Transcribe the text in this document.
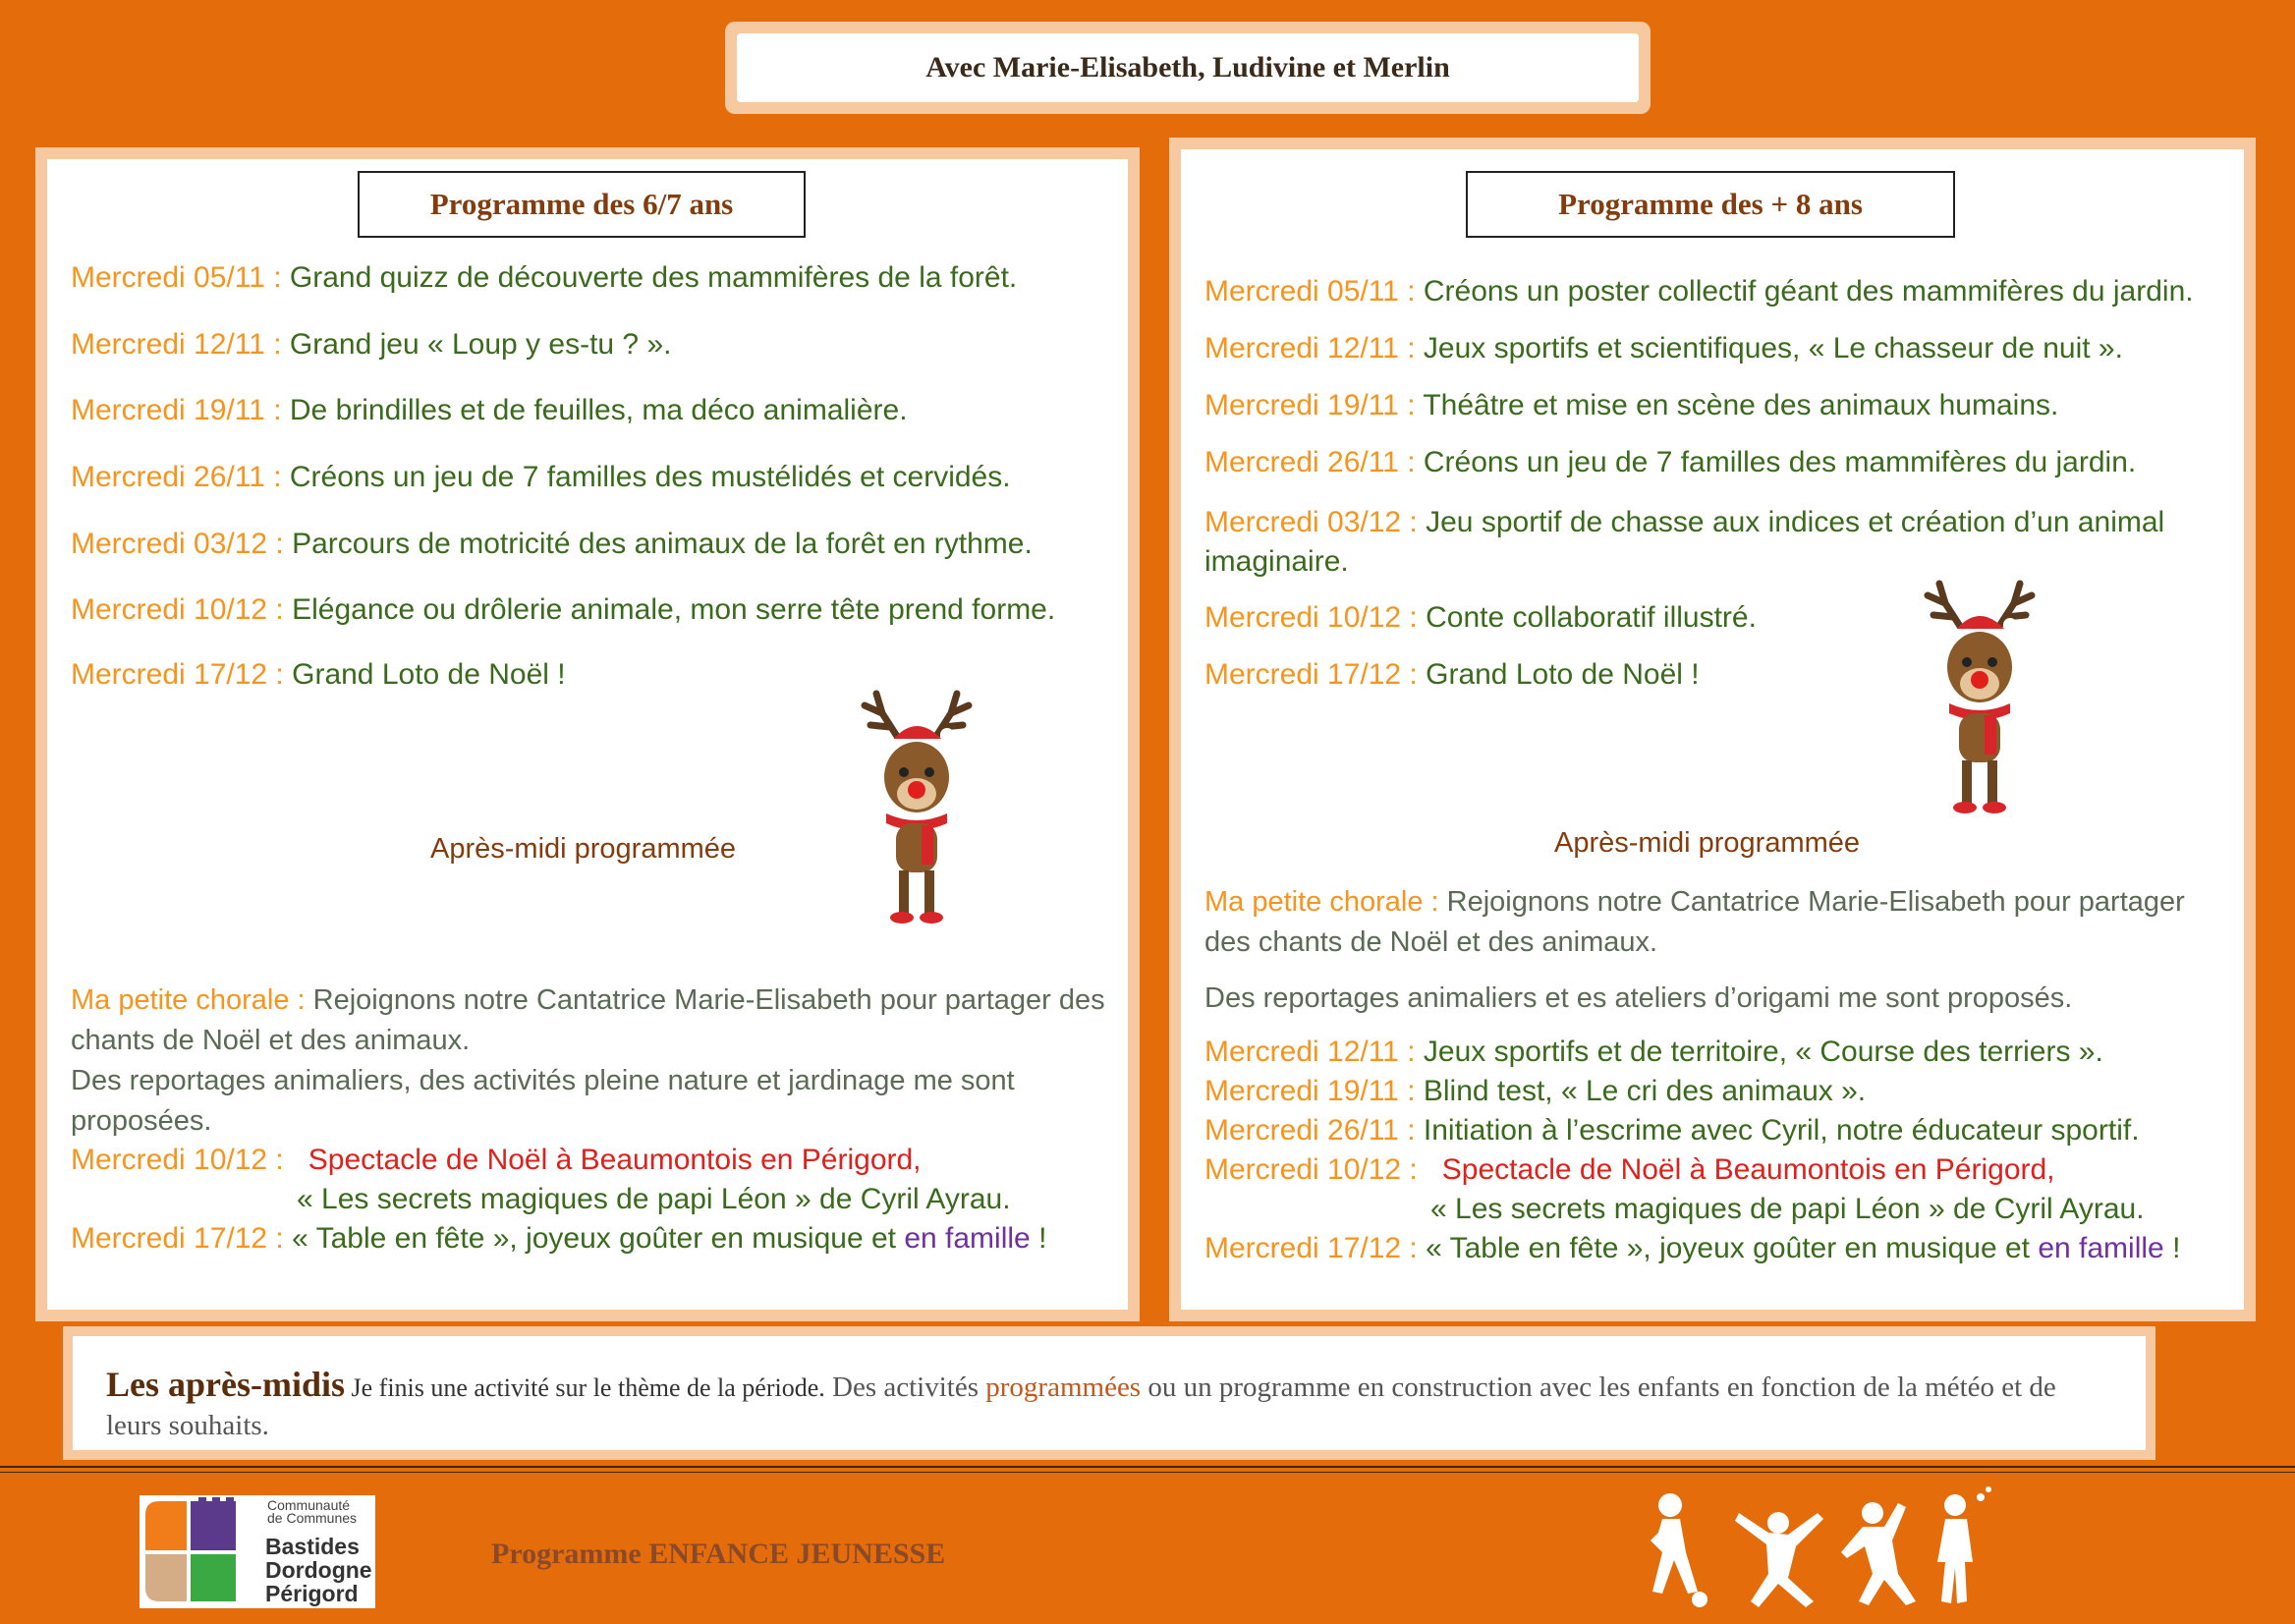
Avec Marie-Elisabeth, Ludivine et Merlin
Programme des 6/7 ans
Mercredi 05/11 : Grand quizz de découverte des mammifères de la forêt.
Mercredi 12/11 : Grand jeu « Loup y es-tu ? ».
Mercredi 19/11 : De brindilles et de feuilles, ma déco animalière.
Mercredi 26/11 : Créons un jeu de 7 familles des mustélidés et cervidés.
Mercredi 03/12 : Parcours de motricité des animaux de la forêt en rythme.
Mercredi 10/12 : Elégance ou drôlerie animale, mon serre tête prend forme.
Mercredi 17/12 : Grand Loto de Noël !
Après-midi programmée
Ma petite chorale : Rejoignons notre Cantatrice Marie-Elisabeth pour partager des chants de Noël et des animaux.
Des reportages animaliers, des activités pleine nature et jardinage me sont proposées.
Mercredi 10/12 : Spectacle de Noël à Beaumontois en Périgord,
« Les secrets magiques de papi Léon » de Cyril Ayrau.
Mercredi 17/12 : « Table en fête », joyeux goûter en musique et en famille !
Programme des + 8 ans
Mercredi 05/11 : Créons un poster collectif géant des mammifères du jardin.
Mercredi 12/11 : Jeux sportifs et scientifiques, « Le chasseur de nuit ».
Mercredi 19/11 : Théâtre et mise en scène des animaux humains.
Mercredi 26/11 : Créons un jeu de 7 familles des mammifères du jardin.
Mercredi 03/12 : Jeu sportif de chasse aux indices et création d’un animal imaginaire.
Mercredi 10/12 : Conte collaboratif illustré.
Mercredi 17/12 : Grand Loto de Noël !
Après-midi programmée
Ma petite chorale : Rejoignons notre Cantatrice Marie-Elisabeth pour partager des chants de Noël et des animaux.
Des reportages animaliers et es ateliers d’origami me sont proposés.
Mercredi 12/11 : Jeux sportifs et de territoire, « Course des terriers ».
Mercredi 19/11 : Blind test, « Le cri des animaux ».
Mercredi 26/11 : Initiation à l’escrime avec Cyril, notre éducateur sportif.
Mercredi 10/12 : Spectacle de Noël à Beaumontois en Périgord,
« Les secrets magiques de papi Léon » de Cyril Ayrau.
Mercredi 17/12 : « Table en fête », joyeux goûter en musique et en famille !
Les après-midis Je finis une activité sur le thème de la période. Des activités programmées ou un programme en construction avec les enfants en fonction de la météo et de leurs souhaits.
Communauté de Communes
Bastides
Dordogne
Périgord
Programme ENFANCE JEUNESSE
